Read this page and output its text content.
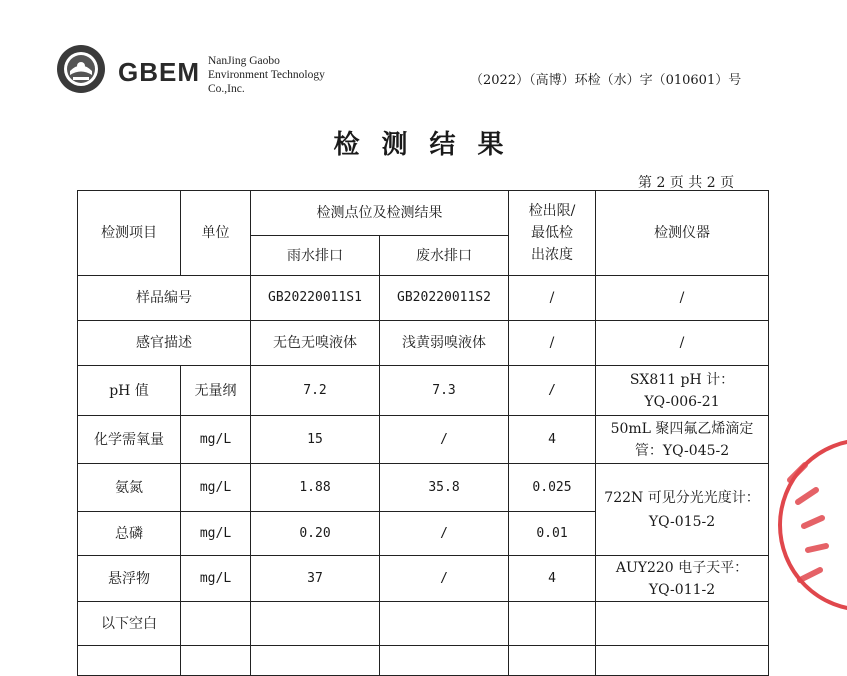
GBEM NanJing Gaobo
Environment Technology
Co.,Inc.
（2022）（高博）环检（水）字（010601）号
检测结果
第 2 页 共 2 页
检测项目	单位	检测点位及检测结果		检出限/
最低检
出浓度	检测仪器
		雨水排口	废水排口		
样品编号		GB20220011S1	GB20220011S2	/	/
感官描述		无色无嗅液体	浅黄弱嗅液体	/	/
pH 值	无量纲	7.2	7.3	/	SX811 pH 计：
YQ-006-21
化学需氧量	mg/L	15	/	4	50mL 聚四氟乙烯滴定
管：YQ-045-2
氨氮	mg/L	1.88	35.8	0.025	722N 可见分光光度计：
YQ-015-2
总磷	mg/L	0.20	/	0.01	
悬浮物	mg/L	37	/	4	AUY220 电子天平：
YQ-011-2
以下空白					
